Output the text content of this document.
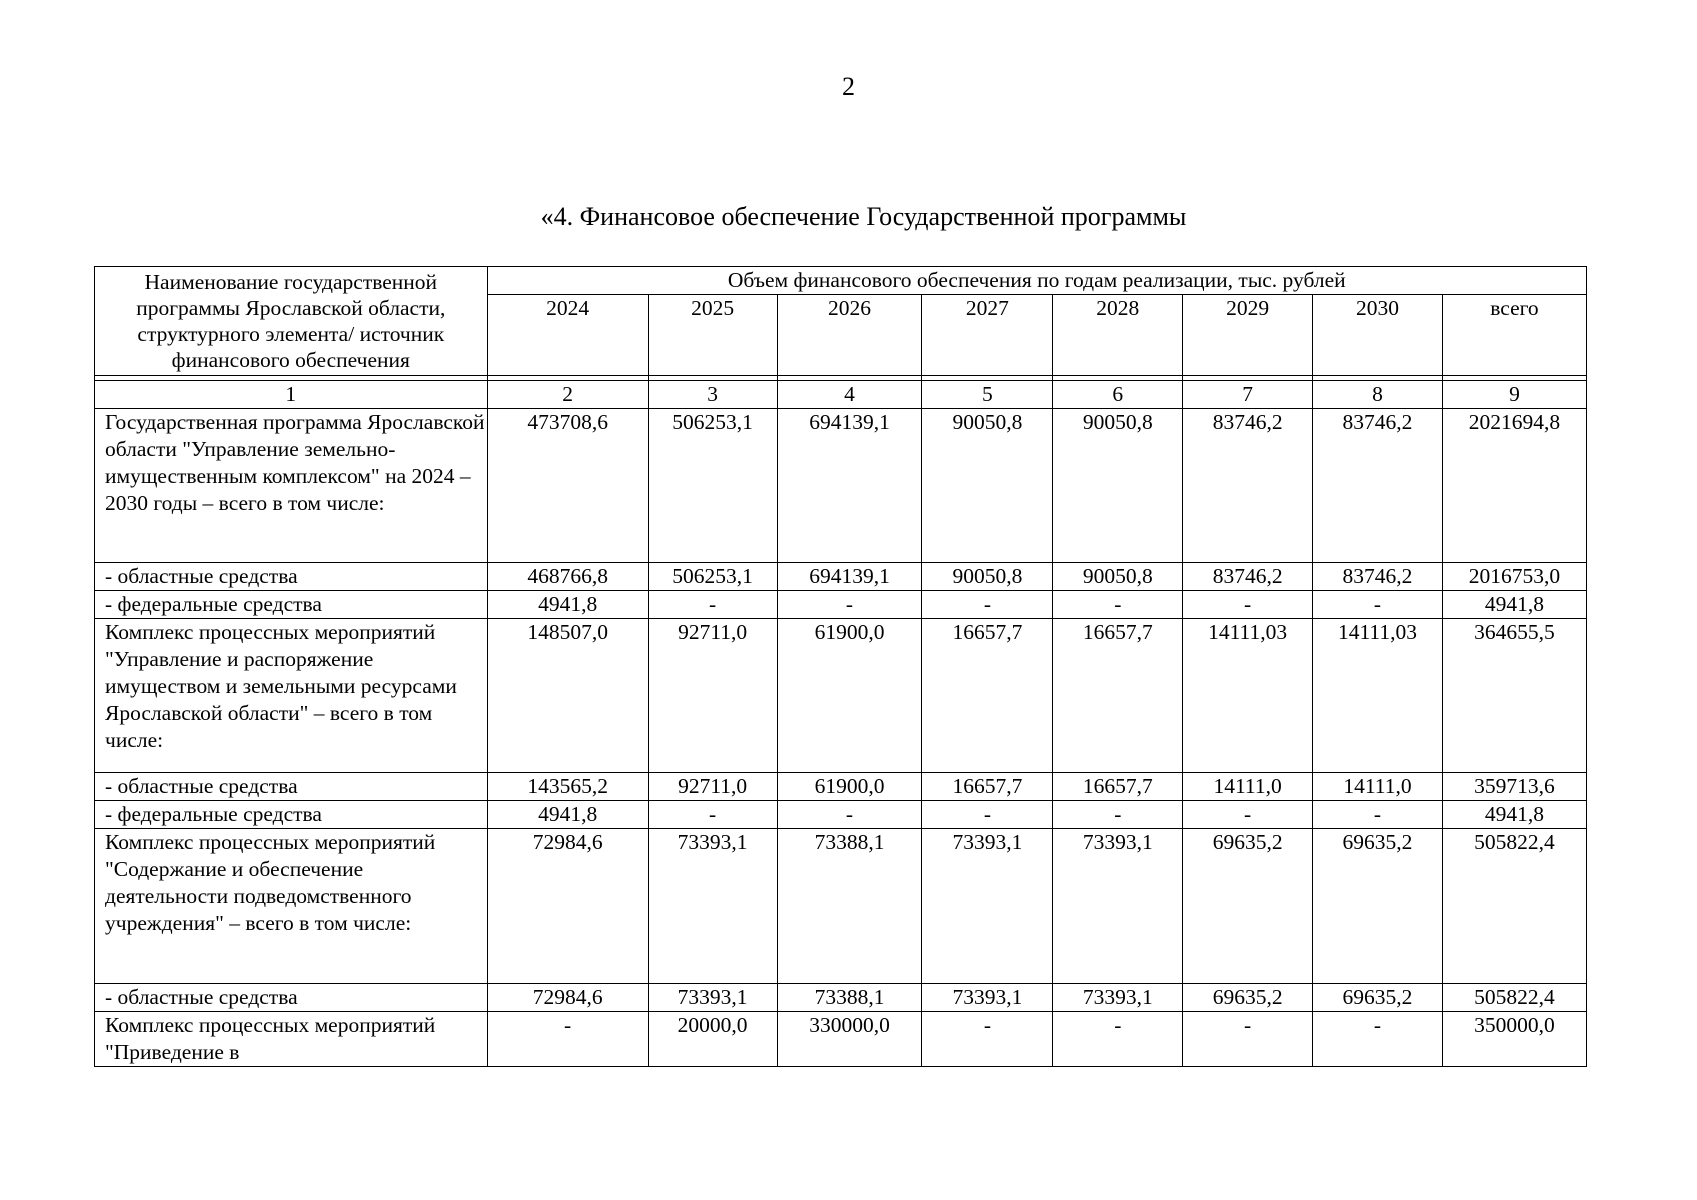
2
«4. Финансовое обеспечение Государственной программы
Наименование государственной программы Ярославской области, структурного элемента/ источник финансового обеспечения	Объем финансового обеспечения по годам реализации, тыс. рублей							
	2024	2025	2026	2027	2028	2029	2030	всего

1	2	3	4	5	6	7	8	9
Государственная программа Ярославской области "Управление земельно-имущественным комплексом" на 2024 – 2030 годы – всего в том числе:	473708,6	506253,1	694139,1	90050,8	90050,8	83746,2	83746,2	2021694,8
- областные средства	468766,8	506253,1	694139,1	90050,8	90050,8	83746,2	83746,2	2016753,0
- федеральные средства	4941,8	-	-	-	-	-	-	4941,8
Комплекс процессных мероприятий "Управление и распоряжение имуществом и земельными ресурсами Ярославской области" – всего в том числе:	148507,0	92711,0	61900,0	16657,7	16657,7	14111,03	14111,03	364655,5
- областные средства	143565,2	92711,0	61900,0	16657,7	16657,7	14111,0	14111,0	359713,6
- федеральные средства	4941,8	-	-	-	-	-	-	4941,8
Комплекс процессных мероприятий "Содержание и обеспечение деятельности подведомственного учреждения" – всего в том числе:	72984,6	73393,1	73388,1	73393,1	73393,1	69635,2	69635,2	505822,4
- областные средства	72984,6	73393,1	73388,1	73393,1	73393,1	69635,2	69635,2	505822,4
Комплекс процессных мероприятий "Приведение в	-	20000,0	330000,0	-	-	-	-	350000,0
